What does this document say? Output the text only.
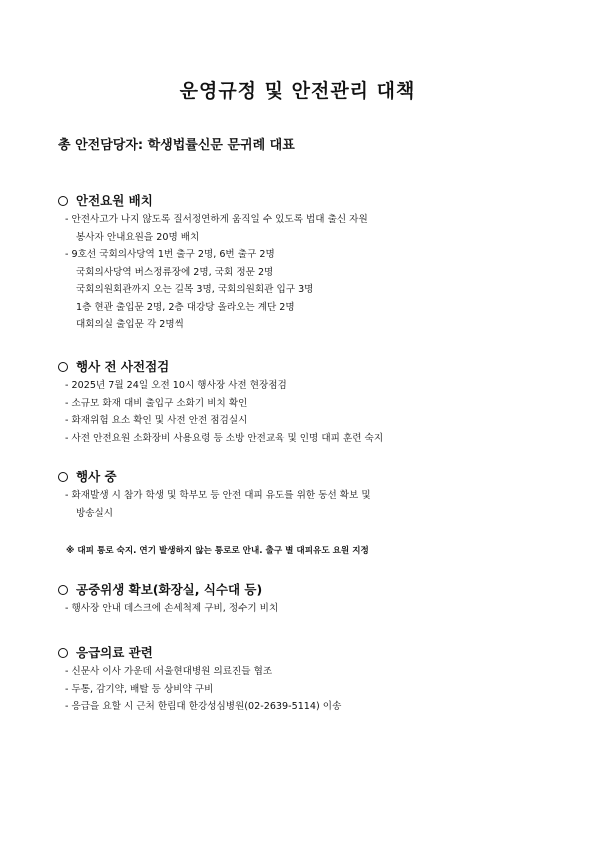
운영규정 및 안전관리 대책
총 안전담당자: 학생법률신문 문귀례 대표
안전요원 배치
- 안전사고가 나지 않도록 질서정연하게 움직일 수 있도록 법대 출신 자원
봉사자 안내요원을 20명 배치
- 9호선 국회의사당역 1번 출구 2명, 6번 출구 2명
국회의사당역 버스정류장에 2명, 국회 정문 2명
국회의원회관까지 오는 길목 3명, 국회의원회관 입구 3명
1층 현관 출입문 2명, 2층 대강당 올라오는 계단 2명
대회의실 출입문 각 2명씩
행사 전 사전점검
- 2025년 7월 24일 오전 10시 행사장 사전 현장점검
- 소규모 화재 대비 출입구 소화기 비치 확인
- 화재위험 요소 확인 및 사전 안전 점검실시
- 사전 안전요원 소화장비 사용요령 등 소방 안전교육 및 인명 대피 훈련 숙지
행사 중
- 화재발생 시 참가 학생 및 학부모 등 안전 대피 유도를 위한 동선 확보 및
방송실시
※ 대피 통로 숙지. 연기 발생하지 않는 통로로 안내. 출구 별 대피유도 요원 지정
공중위생 확보(화장실, 식수대 등)
- 행사장 안내 데스크에 손세척제 구비, 정수기 비치
응급의료 관련
- 신문사 이사 가운데 서울현대병원 의료진들 협조
- 두통, 감기약, 배탈 등 상비약 구비
- 응급을 요할 시 근처 한림대 한강성심병원(02-2639-5114) 이송
